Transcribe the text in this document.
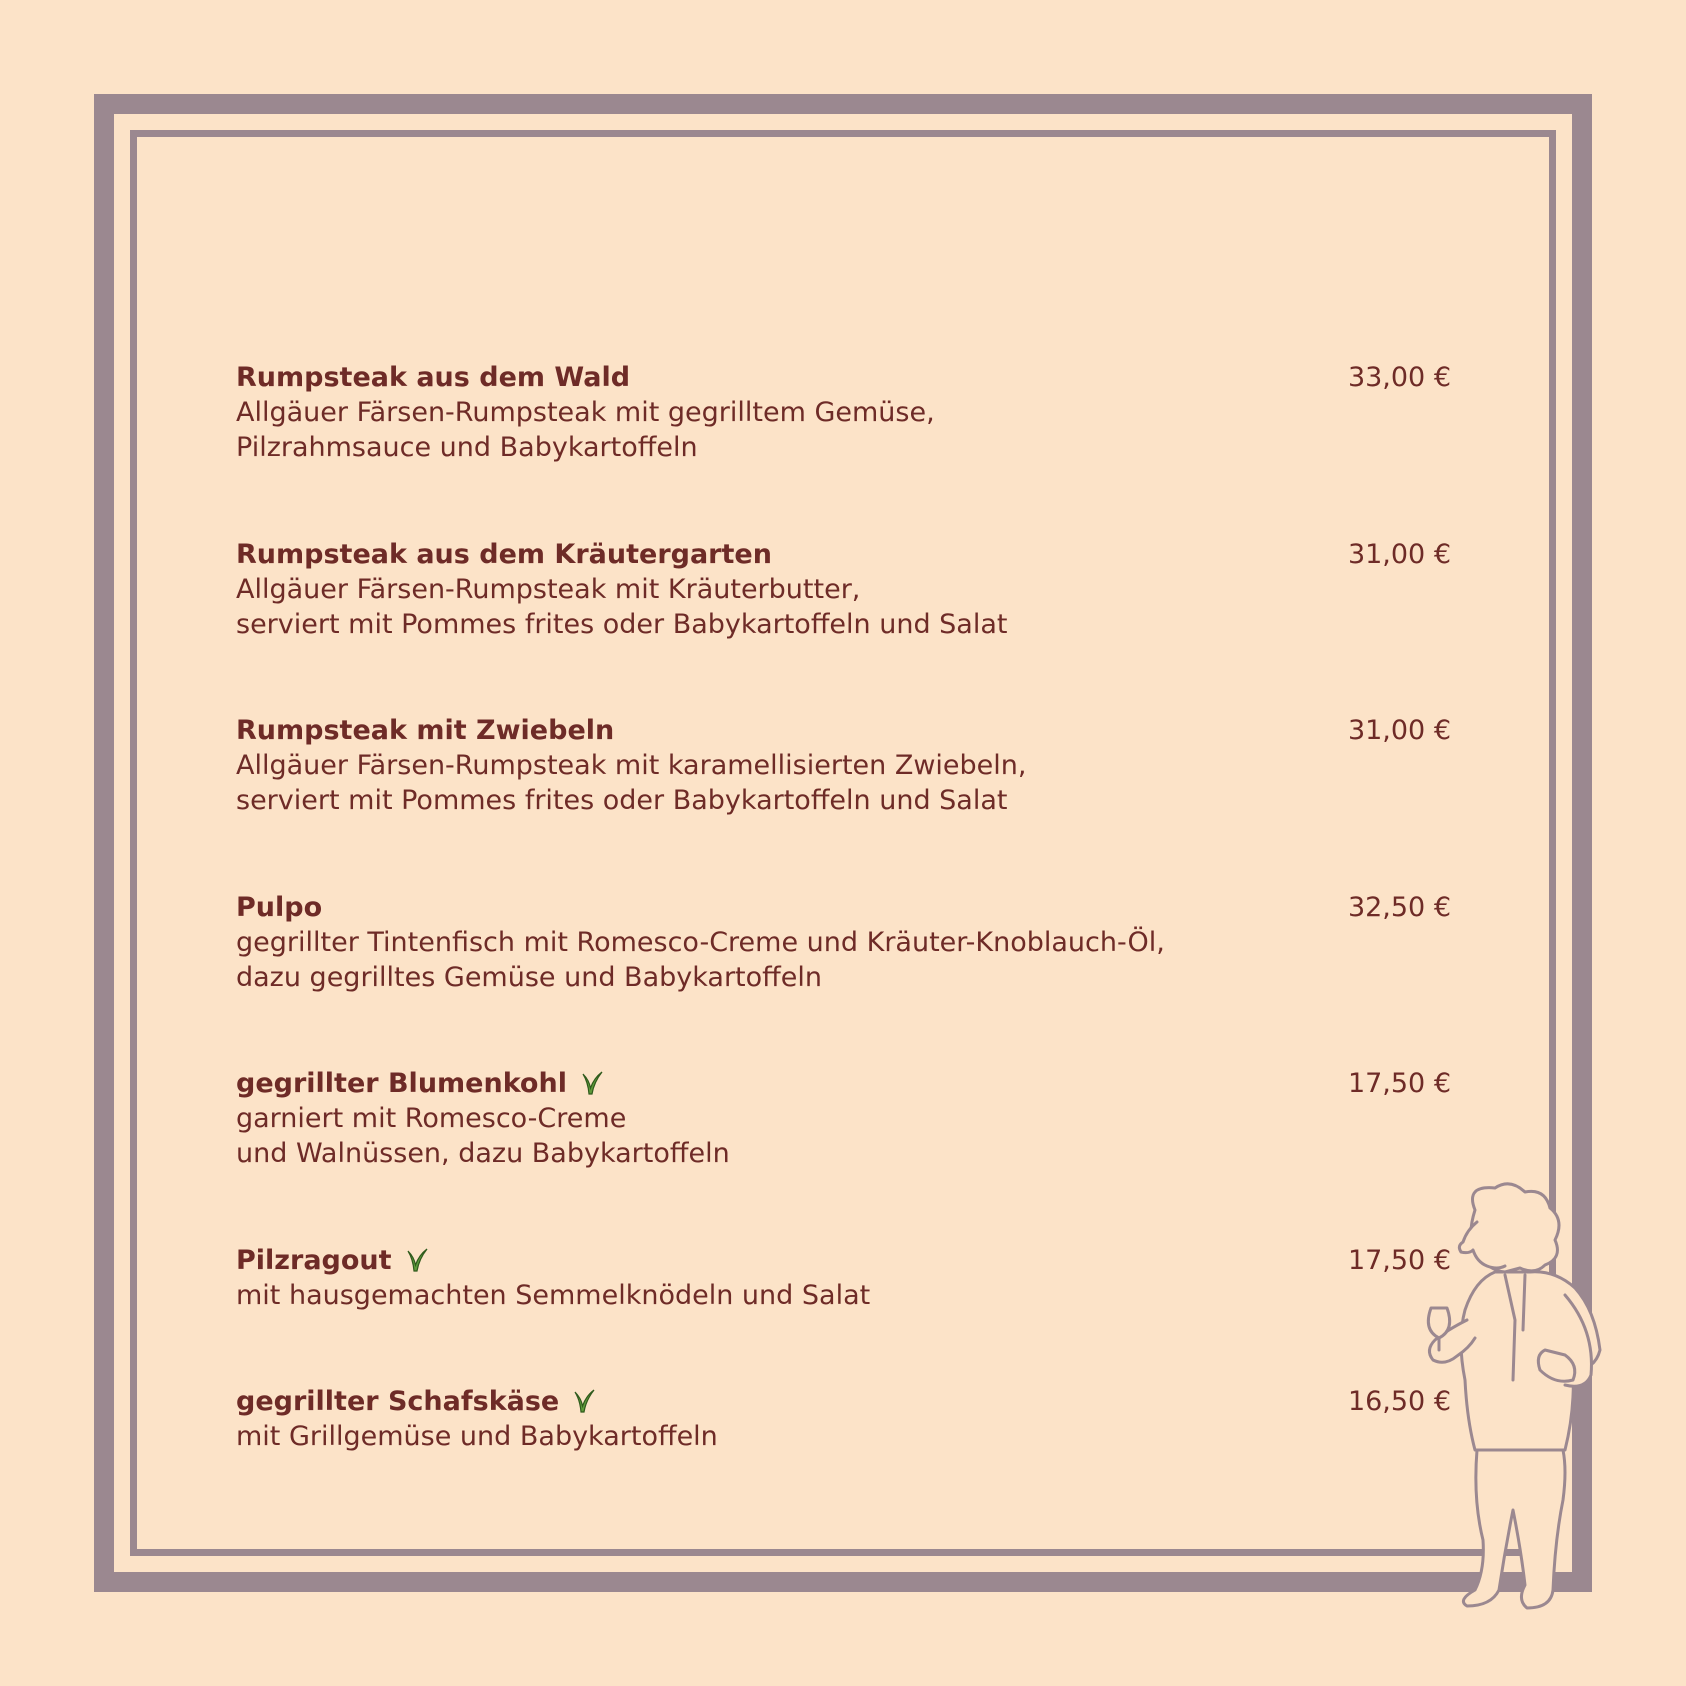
Rumpsteak aus dem Wald	33,00 €
Allgäuer Färsen-Rumpsteak mit gegrilltem Gemüse,
Pilzrahmsauce und Babykartoffeln
Rumpsteak aus dem Kräutergarten	31,00 €
Allgäuer Färsen-Rumpsteak mit Kräuterbutter,
serviert mit Pommes frites oder Babykartoffeln und Salat
Rumpsteak mit Zwiebeln	31,00 €
Allgäuer Färsen-Rumpsteak mit karamellisierten Zwiebeln,
serviert mit Pommes frites oder Babykartoffeln und Salat
Pulpo	32,50 €
gegrillter Tintenfisch mit Romesco-Creme und Kräuter-Knoblauch-Öl,
dazu gegrilltes Gemüse und Babykartoffeln
gegrillter Blumenkohl	17,50 €
garniert mit Romesco-Creme
und Walnüssen, dazu Babykartoffeln
Pilzragout	17,50 €
mit hausgemachten Semmelknödeln und Salat
gegrillter Schafskäse	16,50 €
mit Grillgemüse und Babykartoffeln
